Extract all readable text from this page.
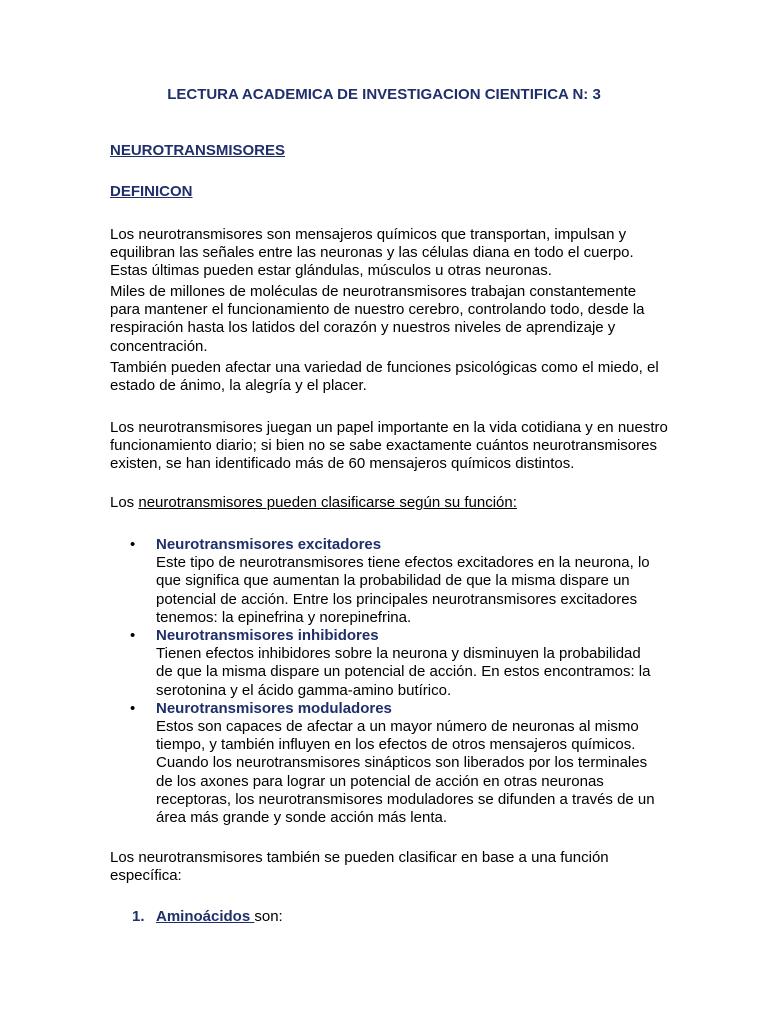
LECTURA ACADEMICA DE INVESTIGACION CIENTIFICA N: 3
NEUROTRANSMISORES
DEFINICON

Los neurotransmisores son mensajeros químicos que transportan, impulsan y equilibran las señales entre las neuronas y las células diana en todo el cuerpo. Estas últimas pueden estar glándulas, músculos u otras neuronas.

Miles de millones de moléculas de neurotransmisores trabajan constantemente para mantener el funcionamiento de nuestro cerebro, controlando todo, desde la respiración hasta los latidos del corazón y nuestros niveles de aprendizaje y concentración.

También pueden afectar una variedad de funciones psicológicas como el miedo, el estado de ánimo, la alegría y el placer.

Los neurotransmisores juegan un papel importante en la vida cotidiana y en nuestro funcionamiento diario; si bien no se sabe exactamente cuántos neurotransmisores existen, se han identificado más de 60 mensajeros químicos distintos.

Los neurotransmisores pueden clasificarse según su función:

• Neurotransmisores excitadores
Este tipo de neurotransmisores tiene efectos excitadores en la neurona, lo que significa que aumentan la probabilidad de que la misma dispare un potencial de acción. Entre los principales neurotransmisores excitadores tenemos: la epinefrina y norepinefrina.
• Neurotransmisores inhibidores
Tienen efectos inhibidores sobre la neurona y disminuyen la probabilidad de que la misma dispare un potencial de acción. En estos encontramos: la serotonina y el ácido gamma-amino butírico.
• Neurotransmisores moduladores
Estos son capaces de afectar a un mayor número de neuronas al mismo tiempo, y también influyen en los efectos de otros mensajeros químicos. Cuando los neurotransmisores sinápticos son liberados por los terminales de los axones para lograr un potencial de acción en otras neuronas receptoras, los neurotransmisores moduladores se difunden a través de un área más grande y sonde acción más lenta.

Los neurotransmisores también se pueden clasificar en base a una función específica:

1. Aminoácidos son:
